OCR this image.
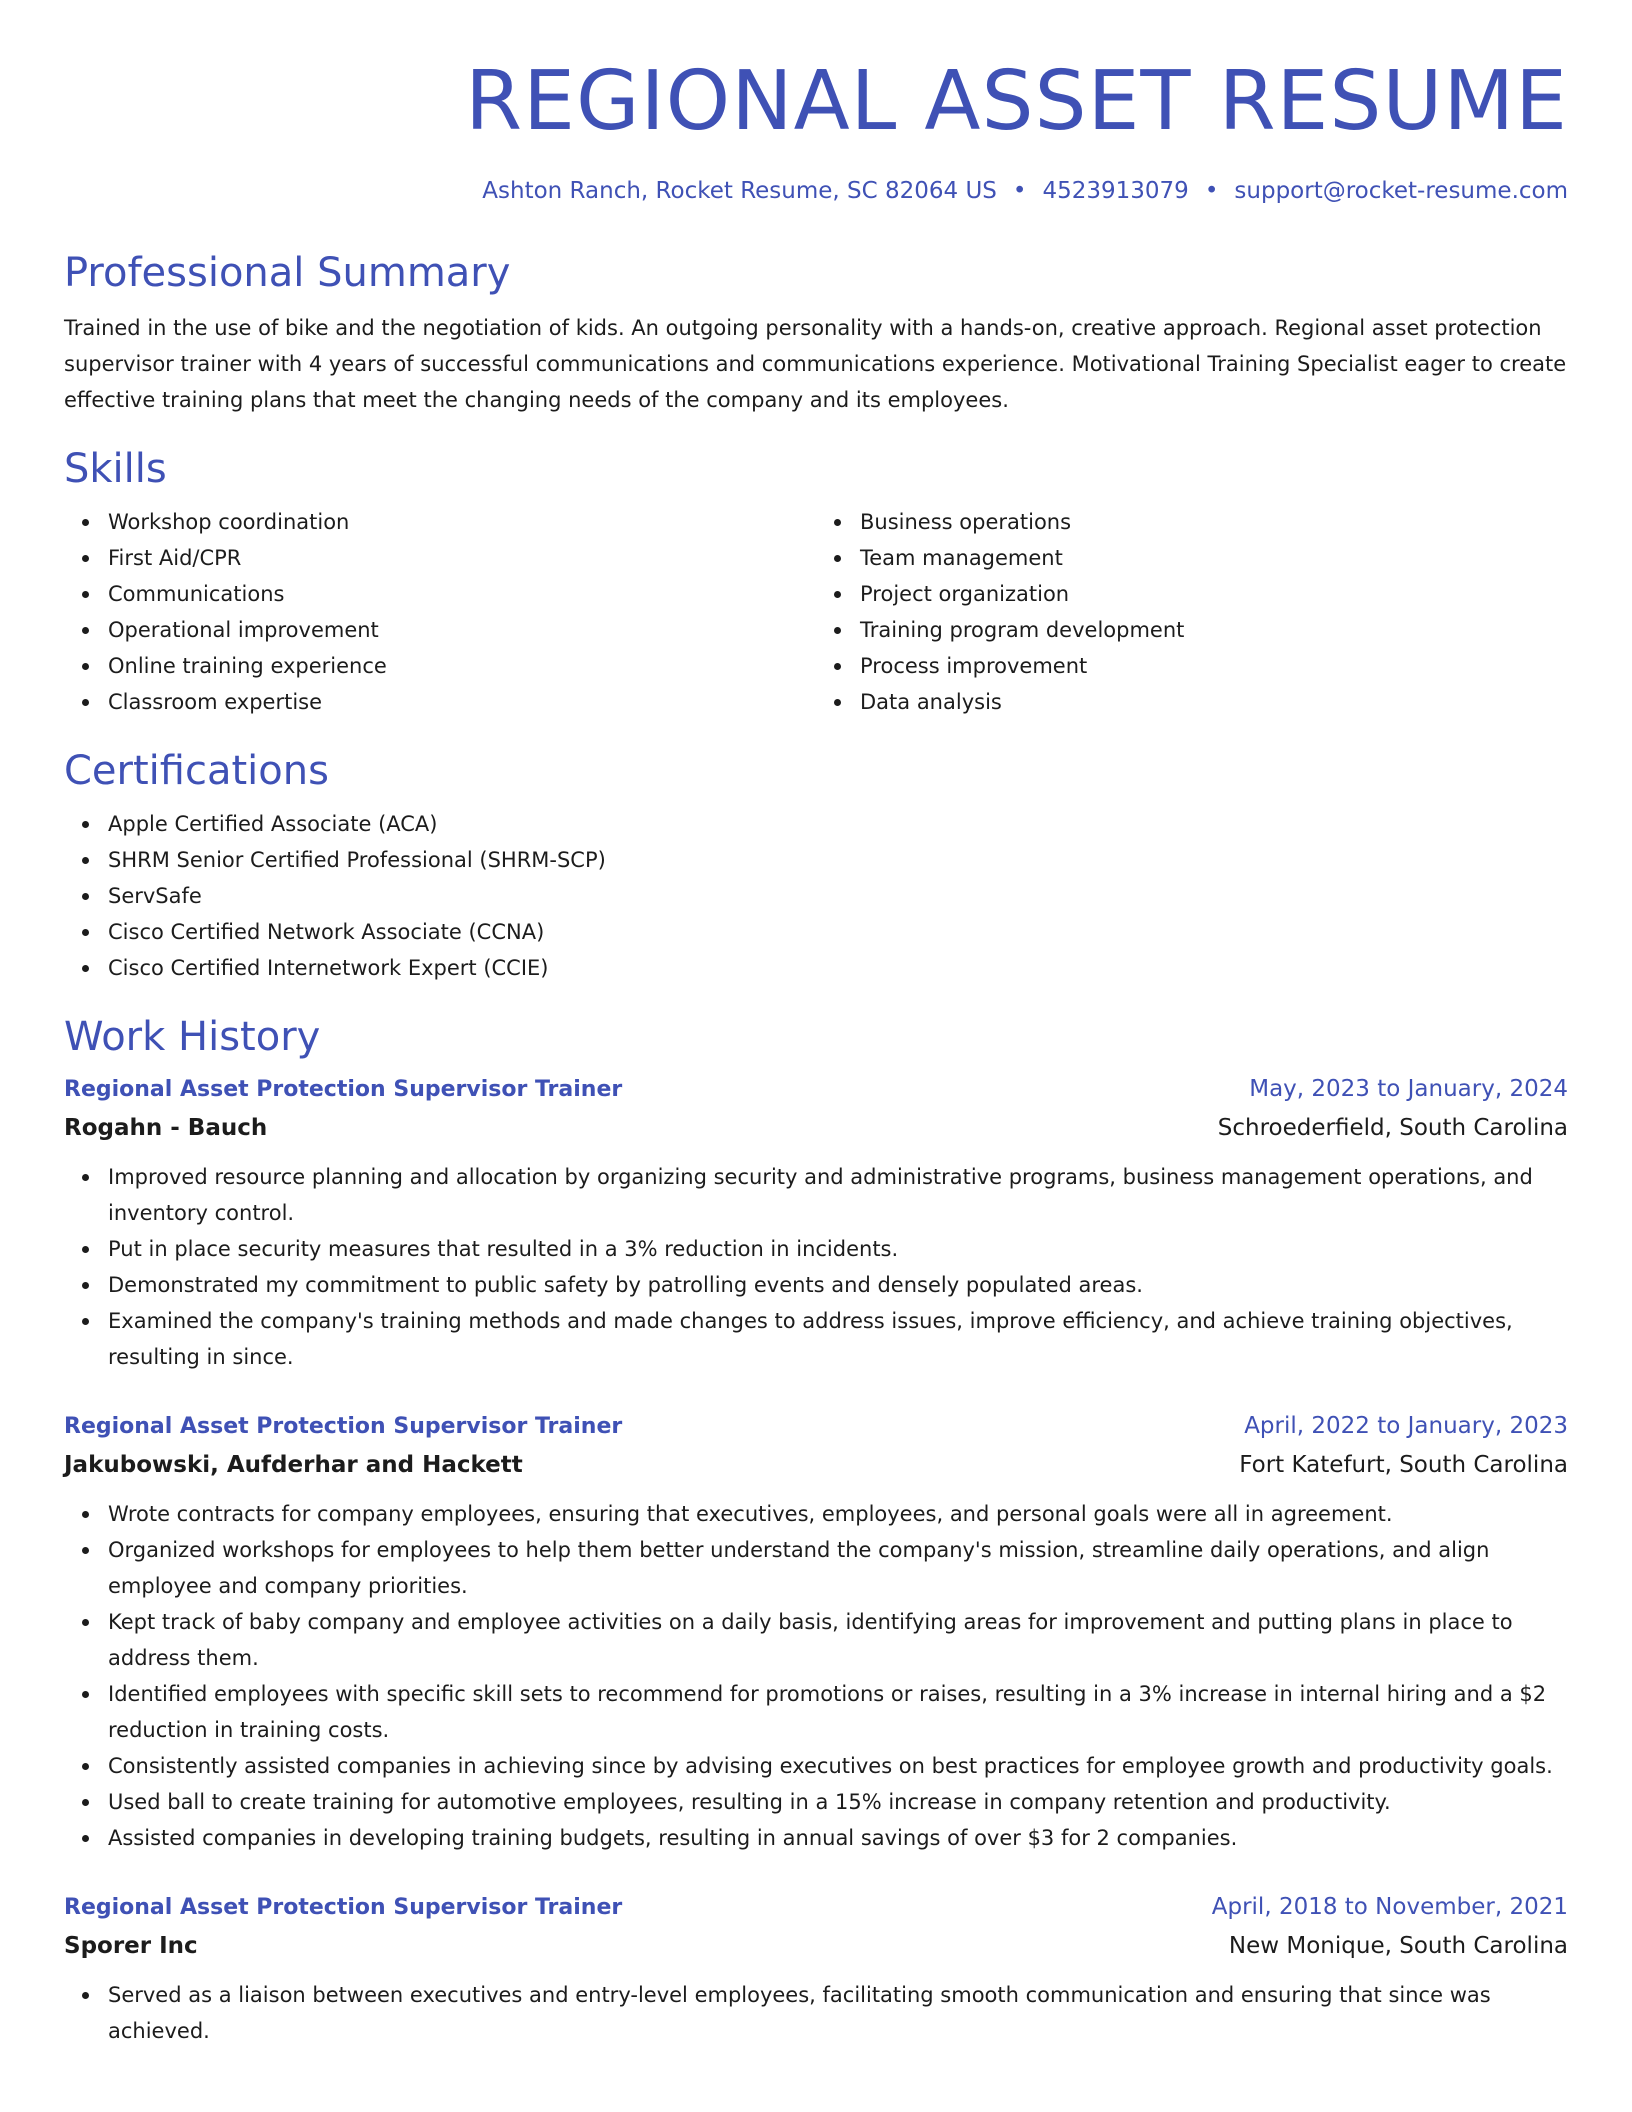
REGIONAL ASSET RESUME
Ashton Ranch, Rocket Resume, SC 82064 US • 4523913079 • support@rocket-resume.com
Professional Summary

Trained in the use of bike and the negotiation of kids. An outgoing personality with a hands-on, creative approach. Regional asset protection supervisor trainer with 4 years of successful communications and communications experience. Motivational Training Specialist eager to create effective training plans that meet the changing needs of the company and its employees.

Skills
Workshop coordination
First Aid/CPR
Communications
Operational improvement
Online training experience
Classroom expertise
Business operations
Team management
Project organization
Training program development
Process improvement
Data analysis
Certifications
Apple Certified Associate (ACA)
SHRM Senior Certified Professional (SHRM-SCP)
ServSafe
Cisco Certified Network Associate (CCNA)
Cisco Certified Internetwork Expert (CCIE)
Work History
Regional Asset Protection Supervisor Trainer	May, 2023 to January, 2024
Rogahn - Bauch	Schroederfield, South Carolina
Improved resource planning and allocation by organizing security and administrative programs, business management operations, and inventory control.
Put in place security measures that resulted in a 3% reduction in incidents.
Demonstrated my commitment to public safety by patrolling events and densely populated areas.
Examined the company's training methods and made changes to address issues, improve efficiency, and achieve training objectives, resulting in since.
Regional Asset Protection Supervisor Trainer	April, 2022 to January, 2023
Jakubowski, Aufderhar and Hackett	Fort Katefurt, South Carolina
Wrote contracts for company employees, ensuring that executives, employees, and personal goals were all in agreement.
Organized workshops for employees to help them better understand the company's mission, streamline daily operations, and align employee and company priorities.
Kept track of baby company and employee activities on a daily basis, identifying areas for improvement and putting plans in place to address them.
Identified employees with specific skill sets to recommend for promotions or raises, resulting in a 3% increase in internal hiring and a $2 reduction in training costs.
Consistently assisted companies in achieving since by advising executives on best practices for employee growth and productivity goals.
Used ball to create training for automotive employees, resulting in a 15% increase in company retention and productivity.
Assisted companies in developing training budgets, resulting in annual savings of over $3 for 2 companies.
Regional Asset Protection Supervisor Trainer	April, 2018 to November, 2021
Sporer Inc	New Monique, South Carolina
Served as a liaison between executives and entry-level employees, facilitating smooth communication and ensuring that since was achieved.
